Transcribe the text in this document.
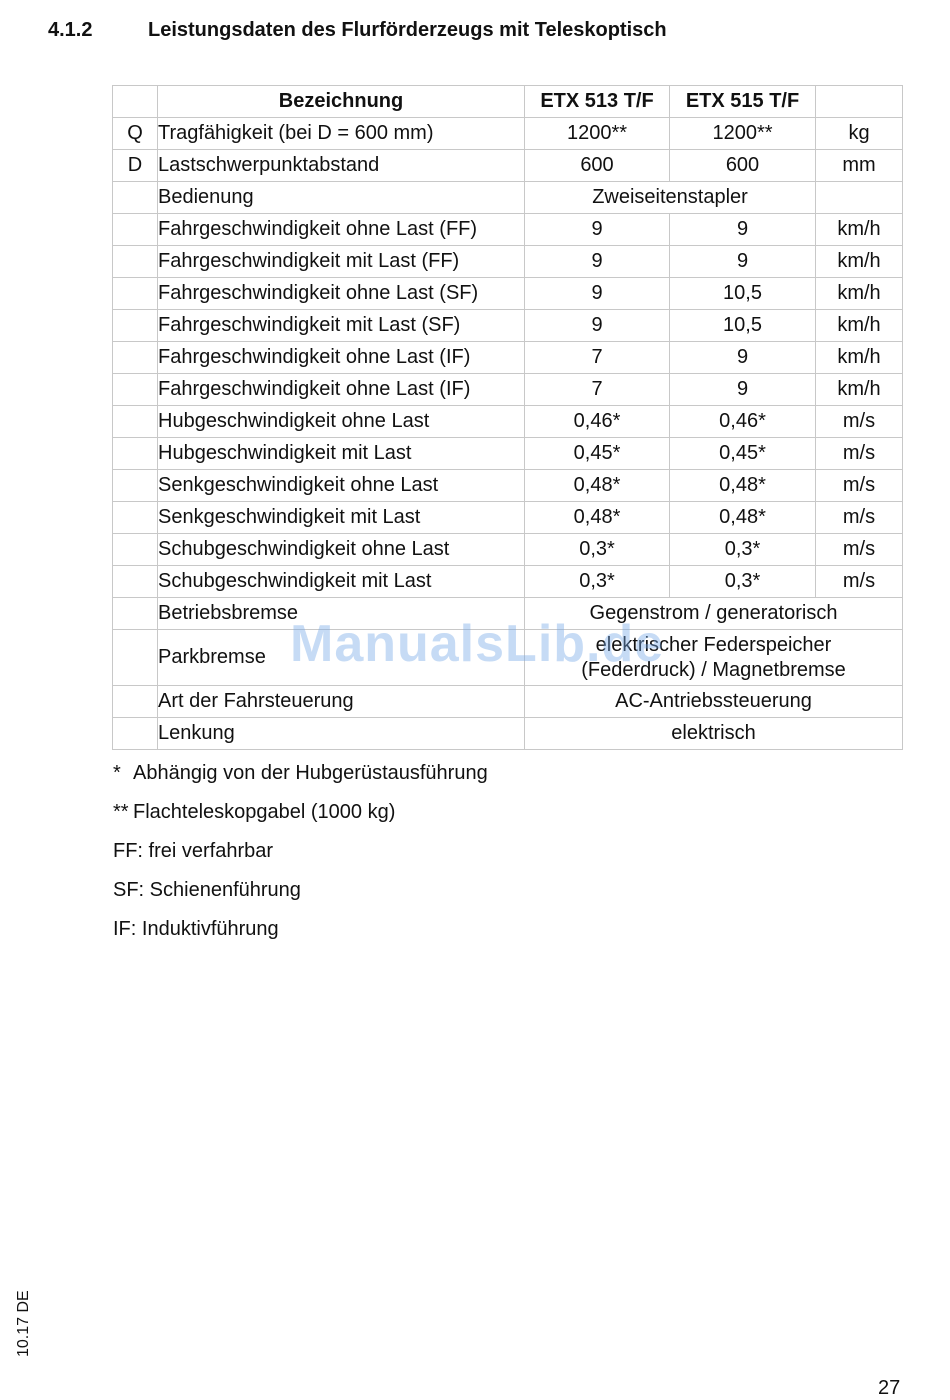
4.1.2	Leistungsdaten des Flurförderzeugs mit Teleskoptisch
	Bezeichnung	ETX 513 T/F	ETX 515 T/F	
Q	Tragfähigkeit (bei D = 600 mm)	1200**	1200**	kg
D	Lastschwerpunktabstand	600	600	mm
	Bedienung	Zweiseitenstapler		
	Fahrgeschwindigkeit ohne Last (FF)	9	9	km/h
	Fahrgeschwindigkeit mit Last (FF)	9	9	km/h
	Fahrgeschwindigkeit ohne Last (SF)	9	10,5	km/h
	Fahrgeschwindigkeit mit Last (SF)	9	10,5	km/h
	Fahrgeschwindigkeit ohne Last (IF)	7	9	km/h
	Fahrgeschwindigkeit ohne Last (IF)	7	9	km/h
	Hubgeschwindigkeit ohne Last	0,46*	0,46*	m/s
	Hubgeschwindigkeit mit Last	0,45*	0,45*	m/s
	Senkgeschwindigkeit ohne Last	0,48*	0,48*	m/s
	Senkgeschwindigkeit mit Last	0,48*	0,48*	m/s
	Schubgeschwindigkeit ohne Last	0,3*	0,3*	m/s
	Schubgeschwindigkeit mit Last	0,3*	0,3*	m/s
	Betriebsbremse	Gegenstrom / generatorisch		
	Parkbremse	elektrischer Federspeicher
(Federdruck) / Magnetbremse		

	Art der Fahrsteuerung	AC-Antriebssteuerung		
	Lenkung	elektrisch		
* Abhängig von der Hubgerüstausführung
** Flachteleskopgabel (1000 kg)
FF: frei verfahrbar
SF: Schienenführung
IF: Induktivführung
ManualsLib.de
10.17 DE
27
